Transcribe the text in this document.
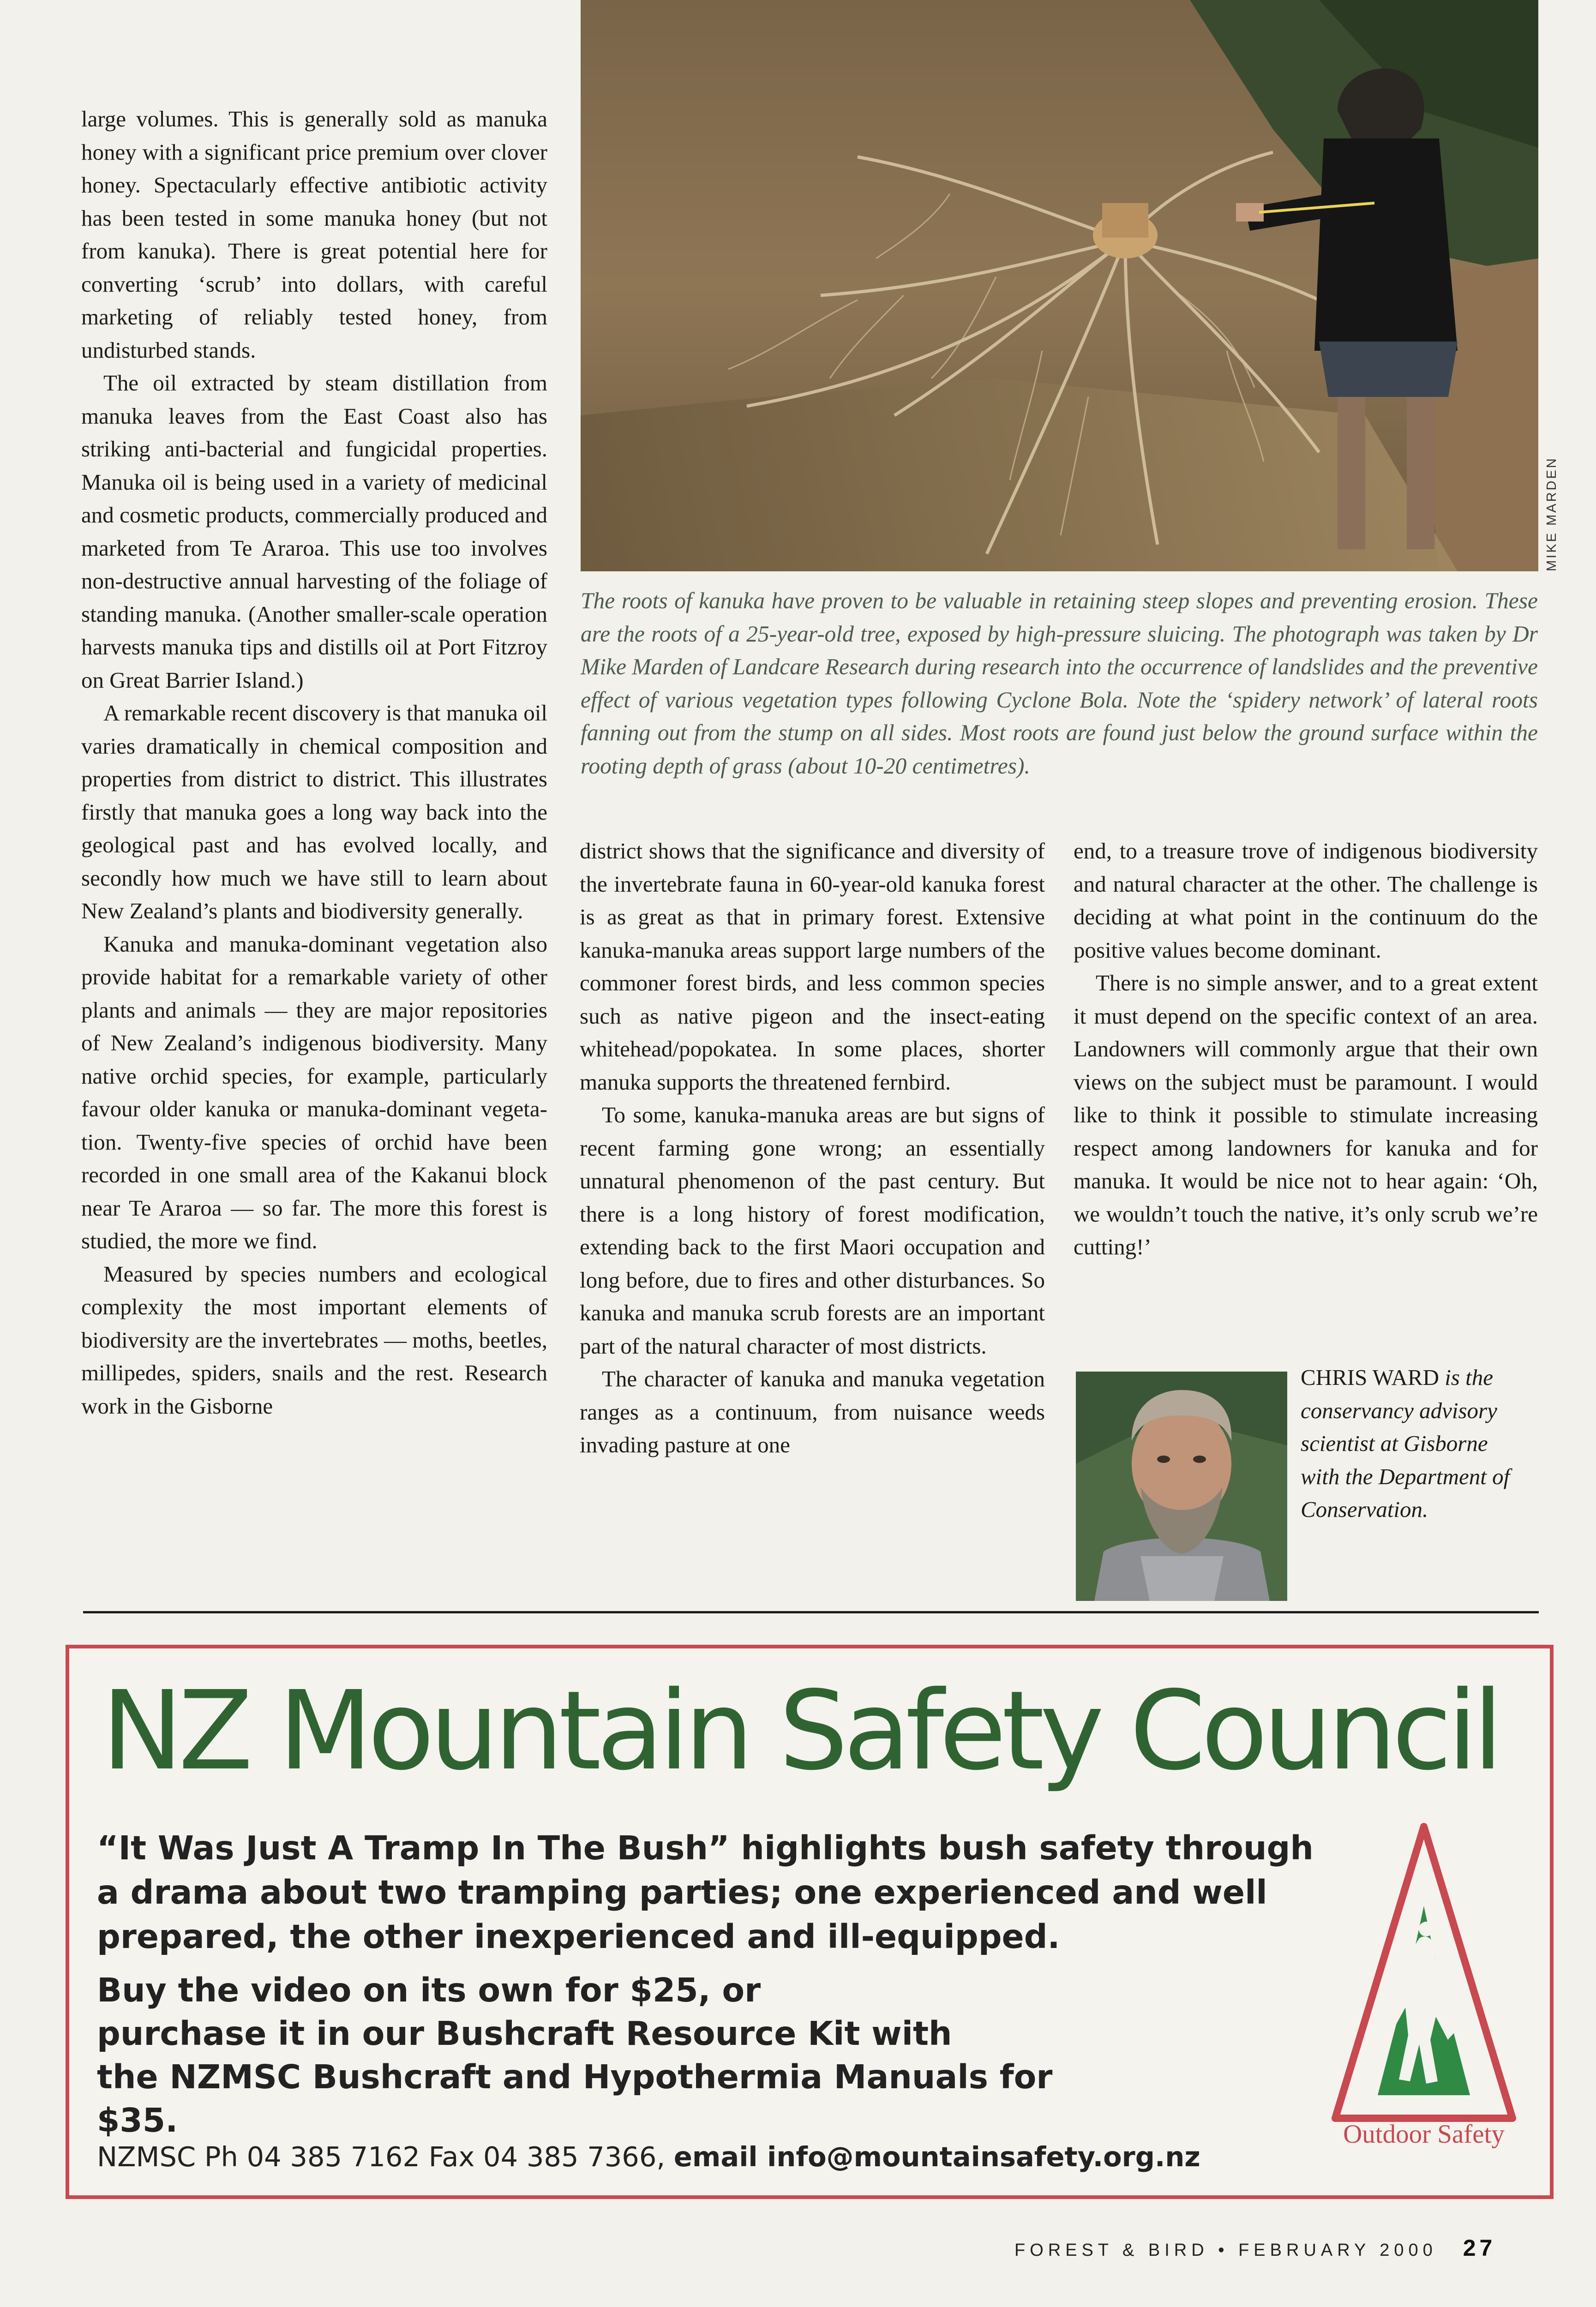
large volumes. This is generally sold as manuka honey with a significant price premium over clover honey. Spectacularly effective antibiotic activity has been tested in some manuka honey (but not from kanuka). There is great potential here for converting ‘scrub’ into dollars, with careful marketing of reliably tested honey, from undisturbed stands.

The oil extracted by steam distillation from manuka leaves from the East Coast also has striking anti-bacterial and fungicidal properties. Manuka oil is being used in a variety of medicinal and cosmetic products, commercially produced and marketed from Te Araroa. This use too involves non-destructive annual harvesting of the foliage of standing manuka. (Another smaller-scale operation harvests manuka tips and distills oil at Port Fitzroy on Great Barrier Island.)

A remarkable recent discovery is that manuka oil varies dramatically in chemical composition and properties from district to district. This illustrates firstly that manuka goes a long way back into the geological past and has evolved locally, and secondly how much we have still to learn about New Zealand’s plants and biodiversity generally.

Kanuka and manuka-dominant vegetation also provide habitat for a remarkable variety of other plants and animals — they are major repositories of New Zealand’s indigenous biodiversity. Many native orchid species, for example, particularly favour older kanuka or manuka-dominant vegetation. Twenty-five species of orchid have been recorded in one small area of the Kakanui block near Te Araroa — so far. The more this forest is studied, the more we find.

Measured by species numbers and ecological complexity the most important elements of biodiversity are the invertebrates — moths, beetles, millipedes, spiders, snails and the rest. Research work in the Gisborne

MIKE MARDEN

The roots of kanuka have proven to be valuable in retaining steep slopes and preventing erosion. These are the roots of a 25-year-old tree, exposed by high-pressure sluicing. The photograph was taken by Dr Mike Marden of Landcare Research during research into the occurrence of landslides and the preventive effect of various vegetation types following Cyclone Bola. Note the ‘spidery network’ of lateral roots fanning out from the stump on all sides. Most roots are found just below the ground surface within the rooting depth of grass (about 10-20 centimetres).

district shows that the significance and diversity of the invertebrate fauna in 60-year-old kanuka forest is as great as that in primary forest. Extensive kanuka-manuka areas support large numbers of the commoner forest birds, and less common species such as native pigeon and the insect-eating whitehead/popokatea. In some places, shorter manuka supports the threatened fernbird.

To some, kanuka-manuka areas are but signs of recent farming gone wrong; an essentially unnatural phenomenon of the past century. But there is a long history of forest modification, extending back to the first Maori occupation and long before, due to fires and other disturbances. So kanuka and manuka scrub forests are an important part of the natural character of most districts.

The character of kanuka and manuka vegetation ranges as a continuum, from nuisance weeds invading pasture at one

end, to a treasure trove of indigenous biodiversity and natural character at the other. The challenge is deciding at what point in the continuum do the positive values become dominant.

There is no simple answer, and to a great extent it must depend on the specific context of an area. Landowners will commonly argue that their own views on the subject must be paramount. I would like to think it possible to stimulate increasing respect among landowners for kanuka and for manuka. It would be nice not to hear again: ‘Oh, we wouldn’t touch the native, it’s only scrub we’re cutting!’

CHRIS WARD is the conservancy advisory scientist at Gisborne with the Department of Conservation.

NZ Mountain Safety Council

“It Was Just A Tramp In The Bush” highlights bush safety through a drama about two tramping parties; one experienced and well prepared, the other inexperienced and ill-equipped.

Buy the video on its own for $25, or
purchase it in our Bushcraft Resource Kit with
the NZMSC Bushcraft and Hypothermia Manuals for $35.

NZMSC Ph 04 385 7162 Fax 04 385 7366, email info@mountainsafety.org.nz

Outdoor Safety
FOREST & BIRD • FEBRUARY 2000 27
